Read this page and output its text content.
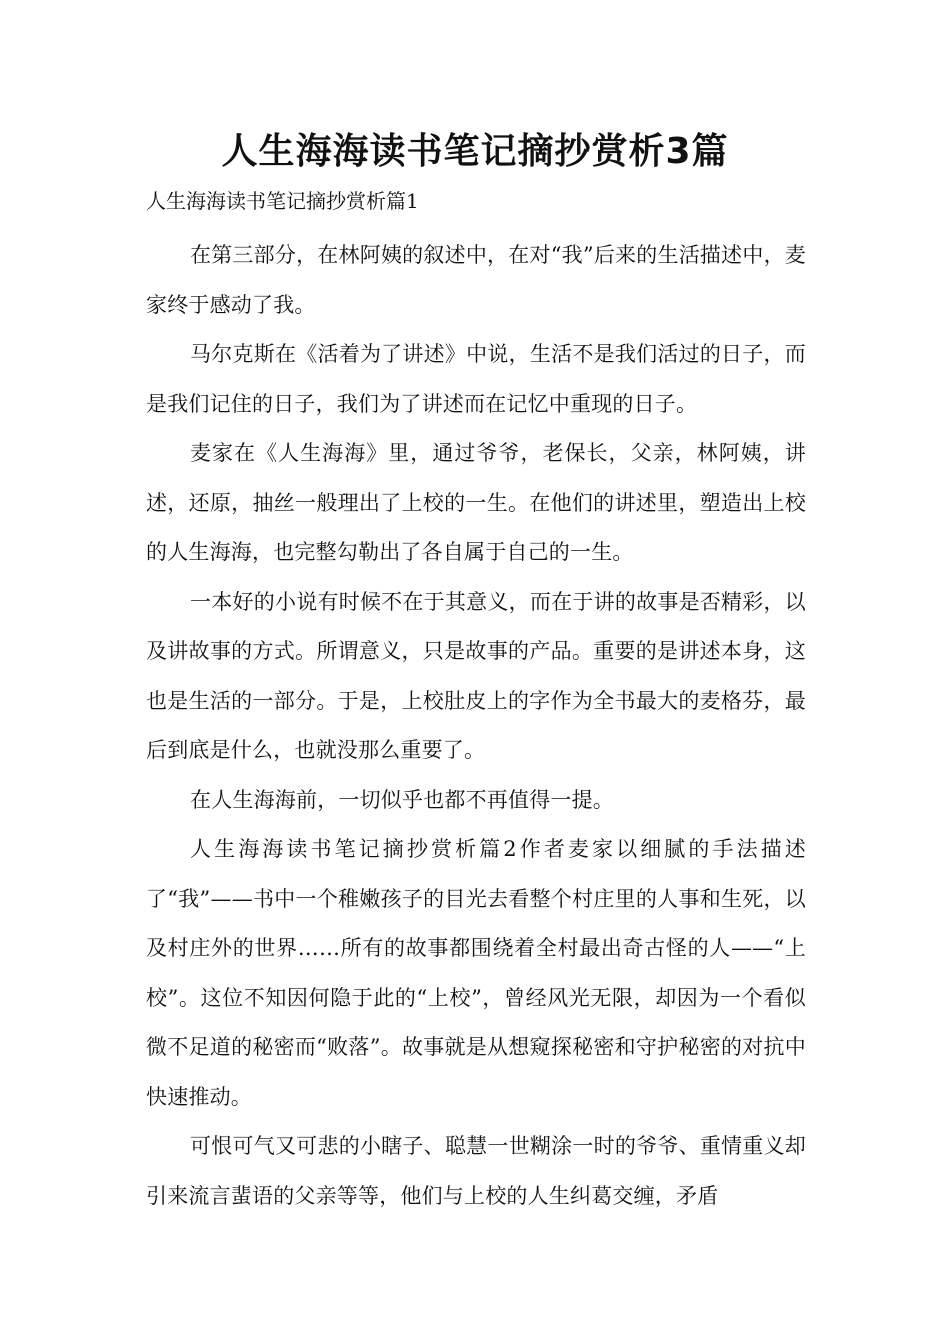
人生海海读书笔记摘抄赏析3篇
人生海海读书笔记摘抄赏析篇1

在第三部分，在林阿姨的叙述中，在对“我”后来的生活描述中，麦家终于感动了我。

马尔克斯在《活着为了讲述》中说，生活不是我们活过的日子，而是我们记住的日子，我们为了讲述而在记忆中重现的日子。

麦家在《人生海海》里，通过爷爷，老保长，父亲，林阿姨，讲述，还原，抽丝一般理出了上校的一生。在他们的讲述里，塑造出上校的人生海海，也完整勾勒出了各自属于自己的一生。

一本好的小说有时候不在于其意义，而在于讲的故事是否精彩，以及讲故事的方式。所谓意义，只是故事的产品。重要的是讲述本身，这也是生活的一部分。于是，上校肚皮上的字作为全书最大的麦格芬，最后到底是什么，也就没那么重要了。

在人生海海前，一切似乎也都不再值得一提。

人生海海读书笔记摘抄赏析篇2作者麦家以细腻的手法描述了“我”——书中一个稚嫩孩子的目光去看整个村庄里的人事和生死，以及村庄外的世界……所有的故事都围绕着全村最出奇古怪的人——“上校”。这位不知因何隐于此的“上校”，曾经风光无限，却因为一个看似微不足道的秘密而“败落”。故事就是从想窥探秘密和守护秘密的对抗中快速推动。

可恨可气又可悲的小瞎子、聪慧一世糊涂一时的爷爷、重情重义却引来流言蜚语的父亲等等，他们与上校的人生纠葛交缠，矛盾
